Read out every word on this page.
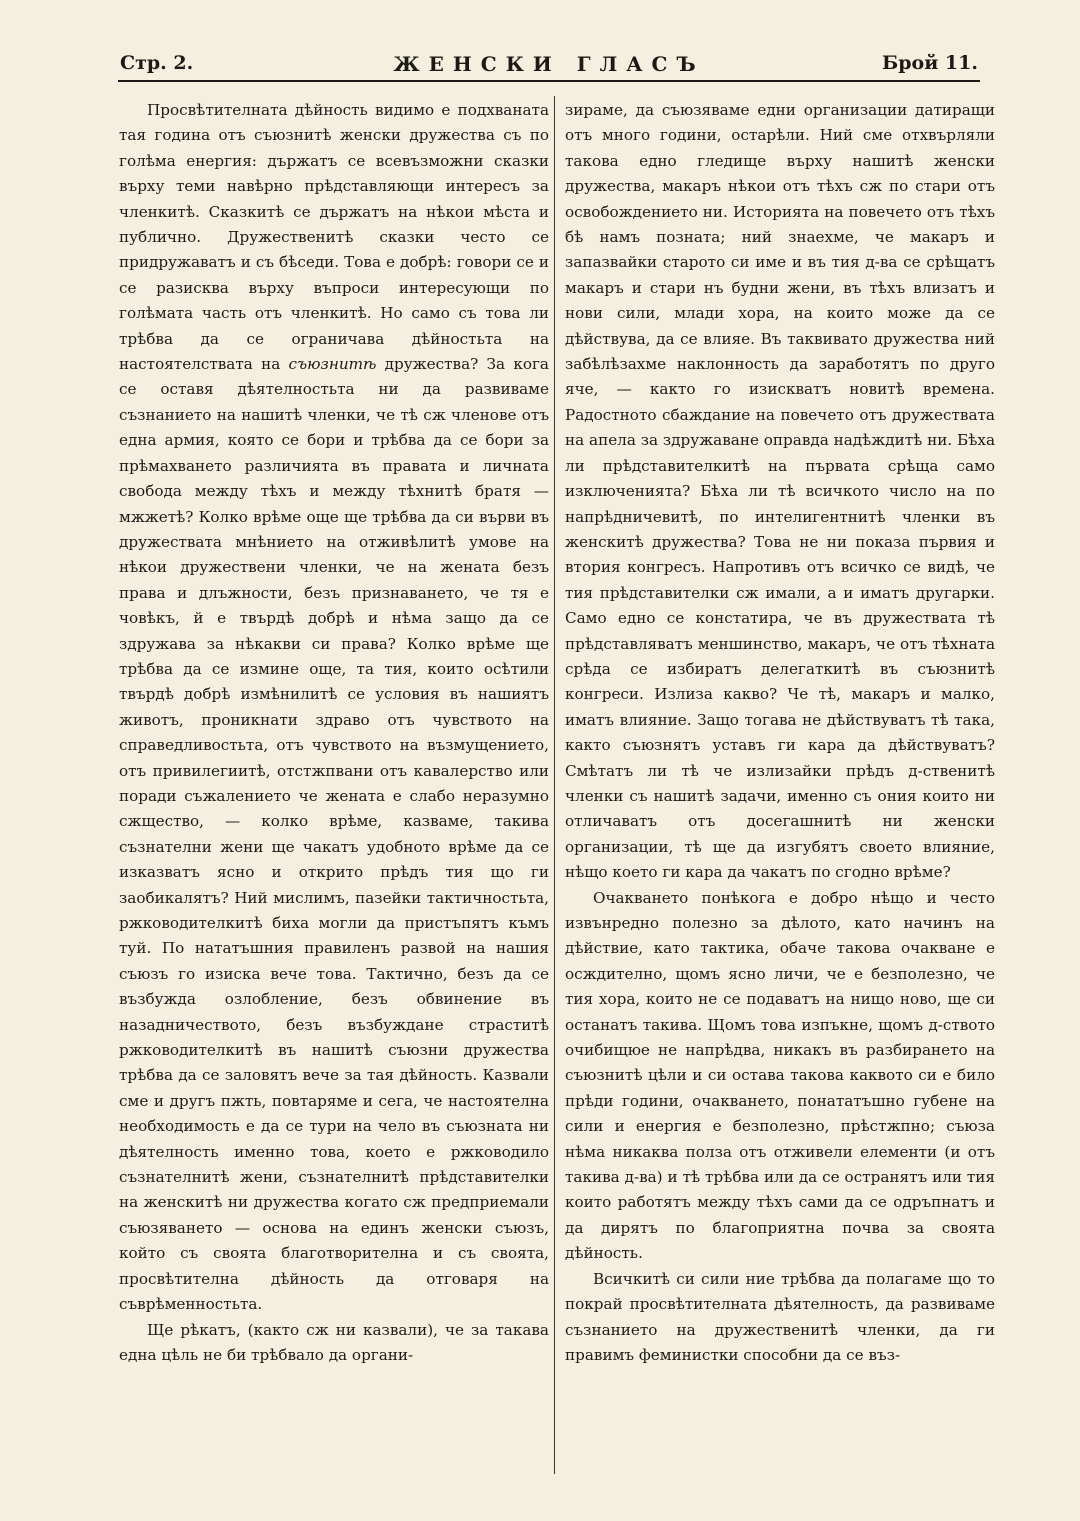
Стр. 2.	ЖЕНСКИ ГЛАСЪ	Брой 11.

Просвѣтителната дѣйность видимо е подхваната тая година отъ съюзнитѣ женски дружества съ по голѣма енергия: държатъ се всевъзможни сказки върху теми навѣрно прѣдставляющи интересъ за членкитѣ. Сказкитѣ се държатъ на нѣкои мѣста и публично. Дружественитѣ сказки често се придружаватъ и съ бѣседи. Това е добрѣ: говори се и се разисква върху въпроси интересующи по голѣмата часть отъ членкитѣ. Но само съ това ли трѣбва да се ограничава дѣйностьта на настоятелствата на съюзнитѣ дружества? За кога се оставя дѣятелностьта ни да развиваме съзнанието на нашитѣ членки, че тѣ сж членове отъ една армия, която се бори и трѣбва да се бори за прѣмахването различията въ правата и личната свобода между тѣхъ и между тѣхнитѣ братя — мжжетѣ? Колко врѣме още ще трѣбва да си върви въ дружествата мнѣнието на отживѣлитѣ умове на нѣкои дружествени членки, че на жената безъ права и длъжности, безъ признаването, че тя е човѣкъ, й е твърдѣ добрѣ и нѣма защо да се здружава за нѣкакви си права? Колко врѣме ще трѣбва да се измине още, та тия, които осѣтили твърдѣ добрѣ измѣнилитѣ се условия въ нашиятъ животъ, проникнати здраво отъ чувството на справедливостьта, отъ чувството на възмущението, отъ привилегиитѣ, отстжпвани отъ кавалерство или поради съжалението че жената е слабо неразумно сжщество, — колко врѣме, казваме, такива съзнателни жени ще чакатъ удобното врѣме да се изказватъ ясно и открито прѣдъ тия що ги заобикалятъ? Ний мислимъ, пазейки тактичностьта, ржководителкитѣ биха могли да пристъпятъ къмъ туй. По нататъшния правиленъ развой на нашия съюзъ го изиска вече това. Тактично, безъ да се възбужда озлобление, безъ обвинение въ назадничеството, безъ възбуждане страститѣ ржководителкитѣ въ нашитѣ съюзни дружества трѣбва да се заловятъ вече за тая дѣйность. Казвали сме и другъ пжть, повтаряме и сега, че настоятелна необходимость е да се тури на чело въ съюзната ни дѣятелность именно това, което е ржководило съзнателнитѣ жени, съзнателнитѣ прѣдставителки на женскитѣ ни дружества когато сж предприемали съюзяването — основа на единъ женски съюзъ, който съ своята благотворителна и съ своята, просвѣтителна дѣйность да отговаря на съврѣменностьта.

Ще рѣкатъ, (както сж ни казвали), че за такава една цѣль не би трѣбвало да органи-

зираме, да съюзяваме едни организации датиращи отъ много години, остарѣли. Ний сме отхвърляли такова едно гледище върху нашитѣ женски дружества, макаръ нѣкои отъ тѣхъ сж по стари отъ освобождението ни. Историята на повечето отъ тѣхъ бѣ намъ позната; ний знаехме, че макаръ и запазвайки старото си име и въ тия д-ва се срѣщатъ макаръ и стари нъ будни жени, въ тѣхъ влизатъ и нови сили, млади хора, на които може да се дѣйствува, да се влияе. Въ таквивато дружества ний забѣлѣзахме наклонность да заработятъ по друго яче, — както го изискватъ новитѣ времена. Радостното сбаждание на повечето отъ дружествата на апела за здружаване оправда надѣждитѣ ни. Бѣха ли прѣдставителкитѣ на първата срѣща само изключенията? Бѣха ли тѣ всичкото число на по напрѣдничевитѣ, по интелигентнитѣ членки въ женскитѣ дружества? Това не ни показа първия и втория конгресъ. Напротивъ отъ всичко се видѣ, че тия прѣдставителки сж имали, а и иматъ другарки. Само едно се констатира, че въ дружествата тѣ прѣдставляватъ меншинство, макаръ, че отъ тѣхната срѣда се избиратъ делегаткитѣ въ съюзнитѣ конгреси. Излиза какво? Че тѣ, макаръ и малко, иматъ влияние. Защо тогава не дѣйствуватъ тѣ така, както съюзнятъ уставъ ги кара да дѣйствуватъ? Смѣтатъ ли тѣ че излизайки прѣдъ д-ственитѣ членки съ нашитѣ задачи, именно съ ония които ни отличаватъ отъ досегашнитѣ ни женски организации, тѣ ще да изгубятъ своето влияние, нѣщо което ги кара да чакатъ по сгодно врѣме?

Очакването понѣкога е добро нѣщо и често извънредно полезно за дѣлото, като начинъ на дѣйствие, като тактика, обаче такова очакване е осждително, щомъ ясно личи, че е безполезно, че тия хора, които не се подаватъ на нищо ново, ще си останатъ такива. Щомъ това изпъкне, щомъ д-ството очибищюе не напрѣдва, никакъ въ разбирането на съюзнитѣ цѣли и си остава такова каквото си е било прѣди години, очакването, понататъшно губене на сили и енергия е безполезно, прѣстжпно; съюза нѣма никаква полза отъ отживели елементи (и отъ такива д-ва) и тѣ трѣбва или да се остранятъ или тия които работятъ между тѣхъ сами да се одръпнатъ и да дирятъ по благоприятна почва за своята дѣйность.

Всичкитѣ си сили ние трѣбва да полагаме що то покрай просвѣтителната дѣятелность, да развиваме съзнанието на дружественитѣ членки, да ги правимъ феминистки способни да се въз-
